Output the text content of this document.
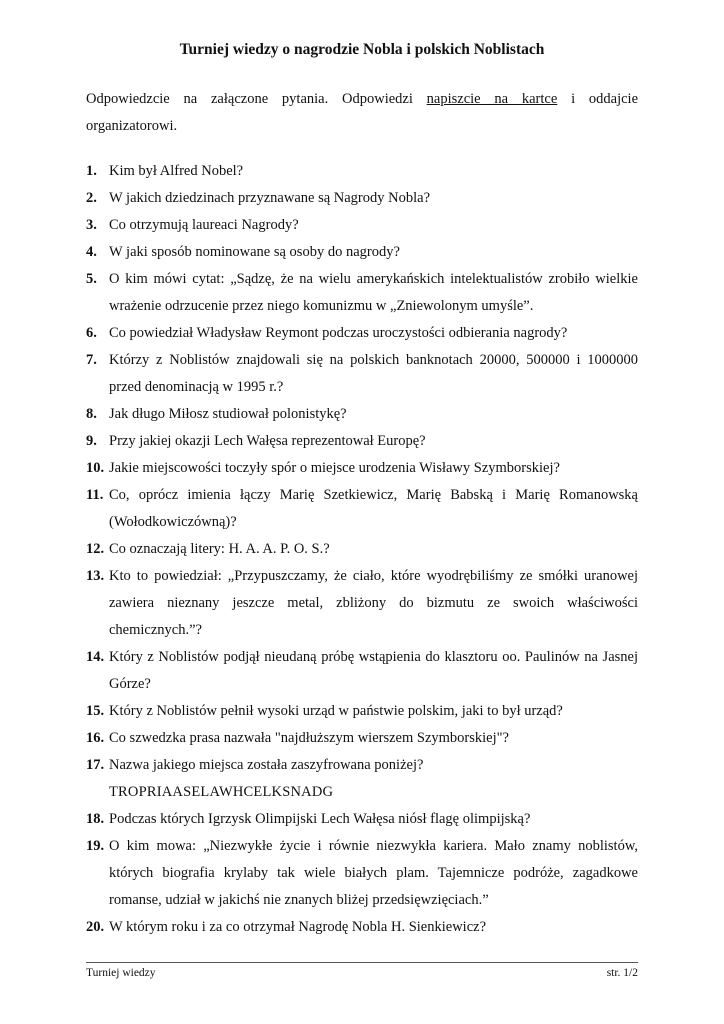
Turniej wiedzy o nagrodzie Nobla i polskich Noblistach

Odpowiedzcie na załączone pytania. Odpowiedzi napiszcie na kartce i oddajcie organizatorowi.

1. Kim był Alfred Nobel?
2. W jakich dziedzinach przyznawane są Nagrody Nobla?
3. Co otrzymują laureaci Nagrody?
4. W jaki sposób nominowane są osoby do nagrody?
5. O kim mówi cytat: „Sądzę, że na wielu amerykańskich intelektualistów zrobiło wielkie wrażenie odrzucenie przez niego komunizmu w „Zniewolonym umyśle”.
6. Co powiedział Władysław Reymont podczas uroczystości odbierania nagrody?
7. Którzy z Noblistów znajdowali się na polskich banknotach 20000, 500000 i 1000000 przed denominacją w 1995 r.?
8. Jak długo Miłosz studiował polonistykę?
9. Przy jakiej okazji Lech Wałęsa reprezentował Europę?
10. Jakie miejscowości toczyły spór o miejsce urodzenia Wisławy Szymborskiej?
11. Co, oprócz imienia łączy Marię Szetkiewicz, Marię Babską i Marię Romanowską (Wołodkowiczówną)?
12. Co oznaczają litery: H. A. A. P. O. S.?
13. Kto to powiedział: „Przypuszczamy, że ciało, które wyodrębiliśmy ze smółki uranowej zawiera nieznany jeszcze metal, zbliżony do bizmutu ze swoich właściwości chemicznych.”?
14. Który z Noblistów podjął nieudaną próbę wstąpienia do klasztoru oo. Paulinów na Jasnej Górze?
15. Który z Noblistów pełnił wysoki urząd w państwie polskim, jaki to był urząd?
16. Co szwedzka prasa nazwała "najdłuższym wierszem Szymborskiej"?
17. Nazwa jakiego miejsca została zaszyfrowana poniżej?
TROPRIAASELAWHCELKSNADG
18. Podczas których Igrzysk Olimpijski Lech Wałęsa niósł flagę olimpijską?
19. O kim mowa: „Niezwykłe życie i równie niezwykła kariera. Mało znamy noblistów, których biografia krylaby tak wiele białych plam. Tajemnicze podróże, zagadkowe romanse, udział w jakichś nie znanych bliżej przedsięwzięciach.”
20. W którym roku i za co otrzymał Nagrodę Nobla H. Sienkiewicz?
Turniej wiedzy	str. 1/2
